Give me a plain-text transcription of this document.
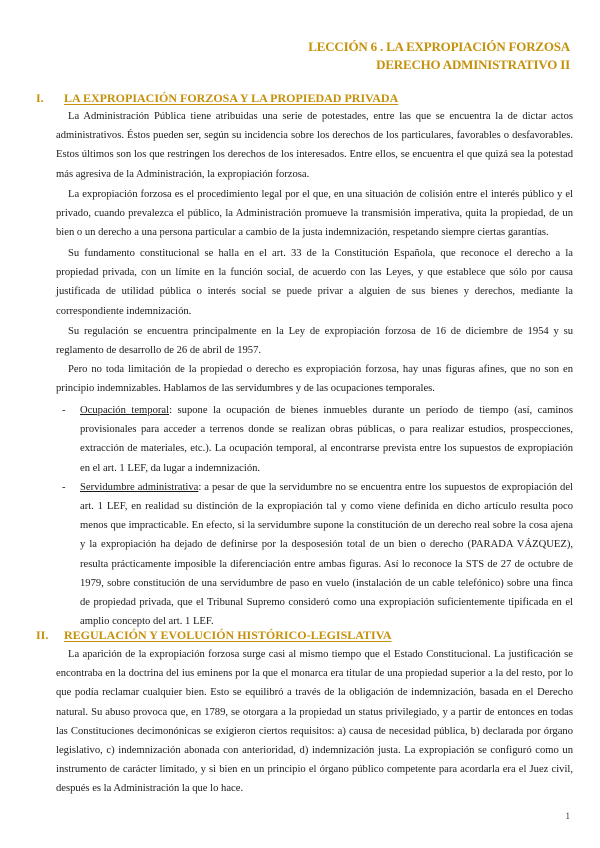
LECCIÓN 6 . LA EXPROPIACIÓN FORZOSA
DERECHO ADMINISTRATIVO II
I. LA EXPROPIACIÓN FORZOSA Y LA PROPIEDAD PRIVADA

La Administración Pública tiene atribuidas una serie de potestades, entre las que se encuentra la de dictar actos administrativos. Éstos pueden ser, según su incidencia sobre los derechos de los particulares, favorables o desfavorables. Estos últimos son los que restringen los derechos de los interesados. Entre ellos, se encuentra el que quizá sea la potestad más agresiva de la Administración, la expropiación forzosa.

La expropiación forzosa es el procedimiento legal por el que, en una situación de colisión entre el interés público y el privado, cuando prevalezca el público, la Administración promueve la transmisión imperativa, quita la propiedad, de un bien o un derecho a una persona particular a cambio de la justa indemnización, respetando siempre ciertas garantías.

Su fundamento constitucional se halla en el art. 33 de la Constitución Española, que reconoce el derecho a la propiedad privada, con un límite en la función social, de acuerdo con las Leyes, y que establece que sólo por causa justificada de utilidad pública o interés social se puede privar a alguien de sus bienes y derechos, mediante la correspondiente indemnización.

Su regulación se encuentra principalmente en la Ley de expropiación forzosa de 16 de diciembre de 1954 y su reglamento de desarrollo de 26 de abril de 1957.

Pero no toda limitación de la propiedad o derecho es expropiación forzosa, hay unas figuras afines, que no son en principio indemnizables. Hablamos de las servidumbres y de las ocupaciones temporales.

- Ocupación temporal: supone la ocupación de bienes inmuebles durante un período de tiempo (así, caminos provisionales para acceder a terrenos donde se realizan obras públicas, o para realizar estudios, prospecciones, extracción de materiales, etc.). La ocupación temporal, al encontrarse prevista entre los supuestos de expropiación en el art. 1 LEF, da lugar a indemnización.
- Servidumbre administrativa: a pesar de que la servidumbre no se encuentra entre los supuestos de expropiación del art. 1 LEF, en realidad su distinción de la expropiación tal y como viene definida en dicho artículo resulta poco menos que impracticable. En efecto, si la servidumbre supone la constitución de un derecho real sobre la cosa ajena y la expropiación ha dejado de definirse por la desposesión total de un bien o derecho (PARADA VÁZQUEZ), resulta prácticamente imposible la diferenciación entre ambas figuras. Así lo reconoce la STS de 27 de octubre de 1979, sobre constitución de una servidumbre de paso en vuelo (instalación de un cable telefónico) sobre una finca de propiedad privada, que el Tribunal Supremo consideró como una expropiación suficientemente tipificada en el amplio concepto del art. 1 LEF.
II. REGULACIÓN Y EVOLUCIÓN HISTÓRICO-LEGISLATIVA

La aparición de la expropiación forzosa surge casi al mismo tiempo que el Estado Constitucional. La justificación se encontraba en la doctrina del ius eminens por la que el monarca era titular de una propiedad superior a la del resto, por lo que podía reclamar cualquier bien. Esto se equilibró a través de la obligación de indemnización, basada en el Derecho natural. Su abuso provoca que, en 1789, se otorgara a la propiedad un status privilegiado, y a partir de entonces en todas las Constituciones decimonónicas se exigieron ciertos requisitos: a) causa de necesidad pública, b) declarada por órgano legislativo, c) indemnización abonada con anterioridad, d) indemnización justa. La expropiación se configuró como un instrumento de carácter limitado, y si bien en un principio el órgano público competente para acordarla era el Juez civil, después es la Administración la que lo hace.

1
